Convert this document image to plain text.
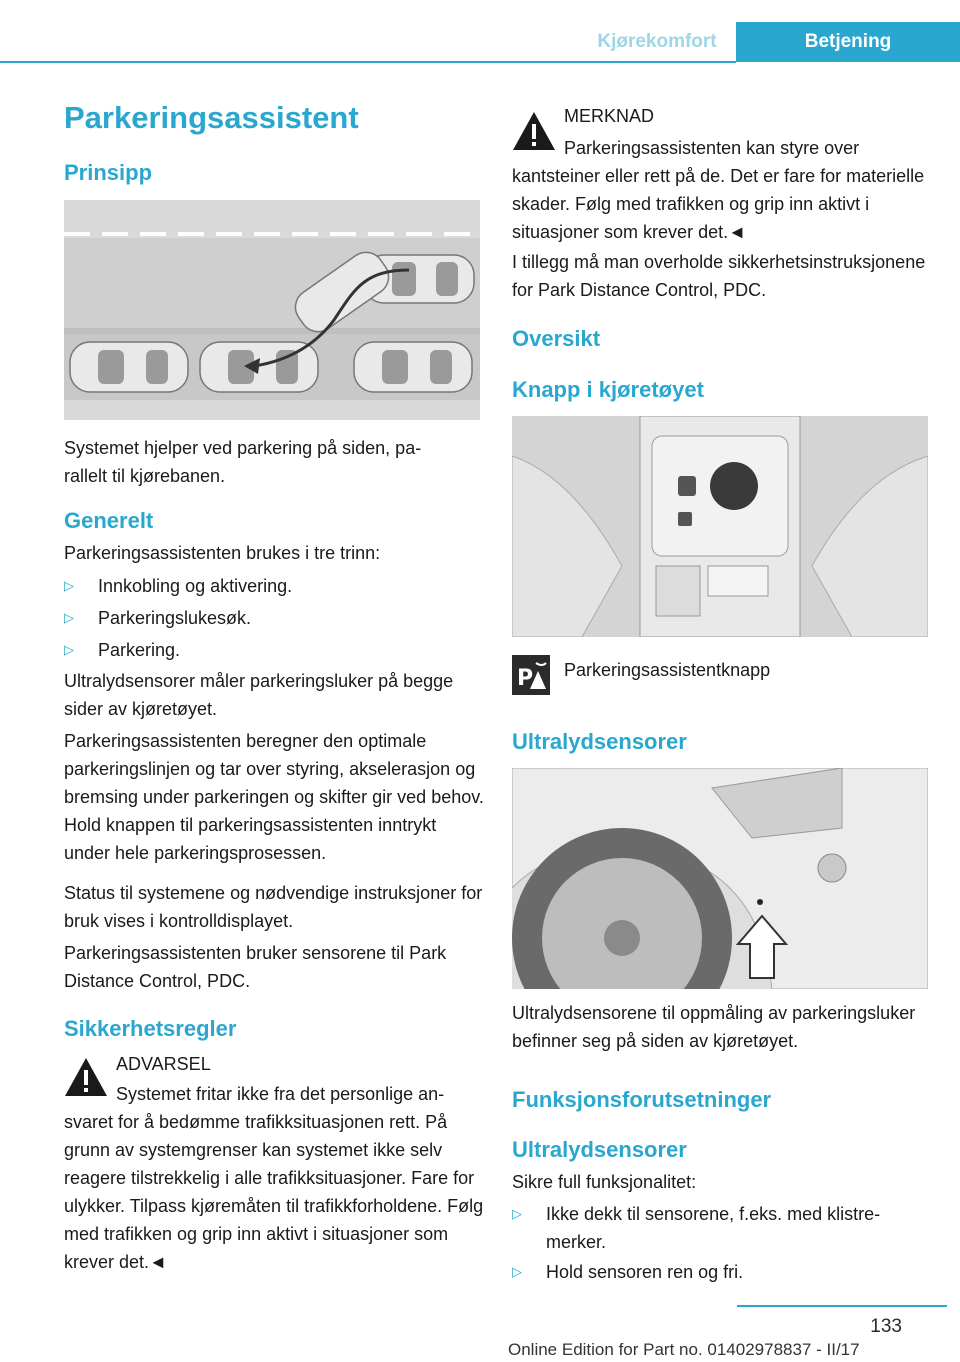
Kjørekomfort	Betjening
Parkeringsassistent
Prinsipp

Systemet hjelper ved parkering på siden, pa‐
rallelt til kjørebanen.

Generelt

Parkeringsassistenten brukes i tre trinn:

▷ Innkobling og aktivering.
▷ Parkeringslukesøk.
▷ Parkering.

Ultralydsensorer måler parkeringsluker på begge sider av kjøretøyet.

Parkeringsassistenten beregner den optimale parkeringslinjen og tar over styring, akselerasjon og bremsing under parkeringen og skifter gir ved behov. Hold knappen til parkeringsassistenten inntrykt under hele parkeringsprosessen.

Status til systemene og nødvendige instruksjoner for bruk vises i kontrolldisplayet.

Parkeringsassistenten bruker sensorene til Park Distance Control, PDC.

Sikkerhetsregler

ADVARSEL

Systemet fritar ikke fra det personlige ansvaret for å bedømme trafikksituasjonen rett. På grunn av systemgrenser kan systemet ikke selv reagere tilstrekkelig i alle trafikksituasjoner. Fare for ulykker. Tilpass kjøremåten til trafikkforholdene. Følg med trafikken og grip inn aktivt i situasjoner som krever det.◄

MERKNAD

Parkeringsassistenten kan styre over kantsteiner eller rett på de. Det er fare for materielle skader. Følg med trafikken og grip inn aktivt i situasjoner som krever det.◄

I tillegg må man overholde sikkerhetsinstruksjonene for Park Distance Control, PDC.

Oversikt
Knapp i kjøretøyet
P Parkeringsassistentknapp

Ultralydsensorer

Ultralydsensorene til oppmåling av parkeringsluker befinner seg på siden av kjøretøyet.

Funksjonsforutsetninger
Ultralydsensorer

Sikre full funksjonalitet:

▷ Ikke dekk til sensorene, f.eks. med klistremerker.
▷ Hold sensoren ren og fri.
133
Online Edition for Part no. 01402978837 - II/17
